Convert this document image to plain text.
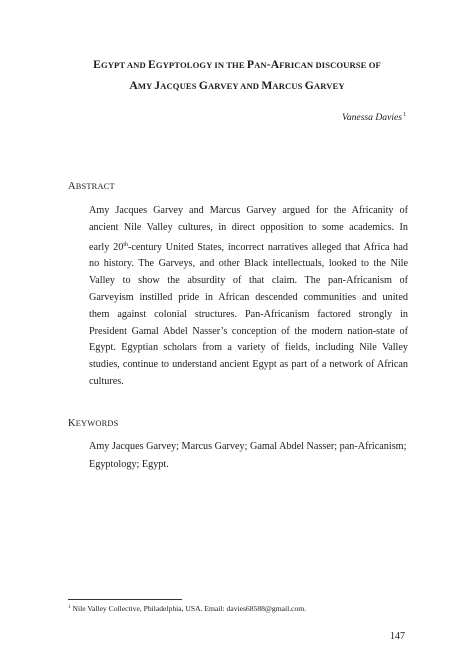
EGYPT AND EGYPTOLOGY IN THE PAN-AFRICAN DISCOURSE OF
AMY JACQUES GARVEY AND MARCUS GARVEY
Vanessa Davies$^1$
ABSTRACT
Amy Jacques Garvey and Marcus Garvey argued for the Africanity of
ancient Nile Valley cultures, in direct opposition to some academics. In
early 20th-century United States, incorrect narratives alleged that Africa had
no history. The Garveys, and other Black intellectuals, looked to the Nile
Valley to show the absurdity of that claim. The pan-Africanism of
Garveyism instilled pride in African descended communities and united
them against colonial structures. Pan-Africanism factored strongly in
President Gamal Abdel Nasser’s conception of the modern nation-state of
Egypt. Egyptian scholars from a variety of fields, including Nile Valley
studies, continue to understand ancient Egypt as part of a network of African
cultures.
KEYWORDS
Amy Jacques Garvey; Marcus Garvey; Gamal Abdel Nasser; pan-Africanism;
Egyptology; Egypt.
$^1$ Nile Valley Collective, Philadelphia, USA. Email: davies68588@gmail.com.
147
